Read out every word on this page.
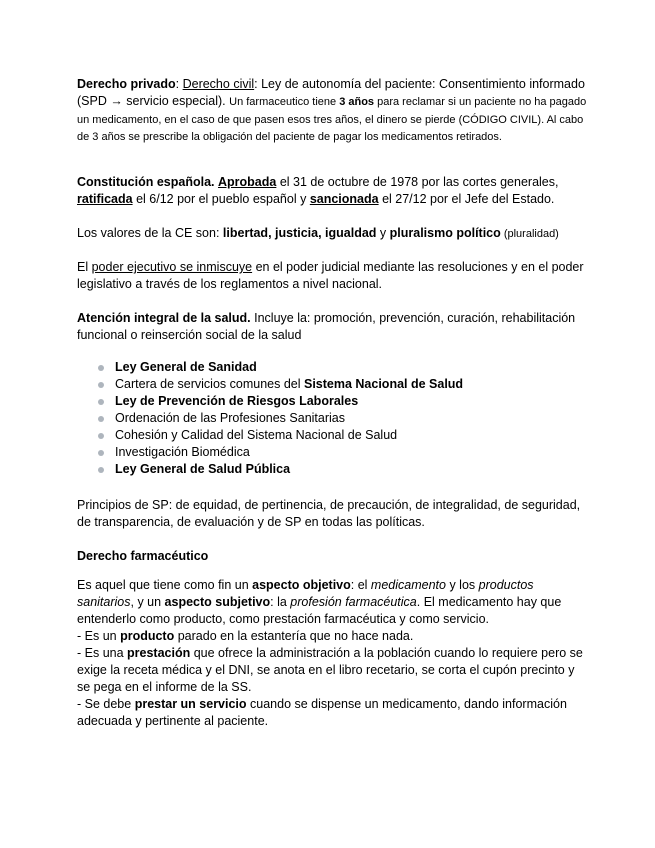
Derecho privado: Derecho civil: Ley de autonomía del paciente: Consentimiento informado (SPD → servicio especial). Un farmaceutico tiene 3 años para reclamar si un paciente no ha pagado un medicamento, en el caso de que pasen esos tres años, el dinero se pierde (CÓDIGO CIVIL). Al cabo de 3 años se prescribe la obligación del paciente de pagar los medicamentos retirados.
Constitución española. Aprobada el 31 de octubre de 1978 por las cortes generales, ratificada el 6/12 por el pueblo español y sancionada el 27/12 por el Jefe del Estado.
Los valores de la CE son: libertad, justicia, igualdad y pluralismo político (pluralidad)
El poder ejecutivo se inmiscuye en el poder judicial mediante las resoluciones y en el poder legislativo a través de los reglamentos a nivel nacional.
Atención integral de la salud. Incluye la: promoción, prevención, curación, rehabilitación funcional o reinserción social de la salud
Ley General de Sanidad
Cartera de servicios comunes del Sistema Nacional de Salud
Ley de Prevención de Riesgos Laborales
Ordenación de las Profesiones Sanitarias
Cohesión y Calidad del Sistema Nacional de Salud
Investigación Biomédica
Ley General de Salud Pública
Principios de SP: de equidad, de pertinencia, de precaución, de integralidad, de seguridad, de transparencia, de evaluación y de SP en todas las políticas.
Derecho farmacéutico
Es aquel que tiene como fin un aspecto objetivo: el medicamento y los productos sanitarios, y un aspecto subjetivo: la profesión farmacéutica. El medicamento hay que entenderlo como producto, como prestación farmacéutica y como servicio.
- Es un producto parado en la estantería que no hace nada.
- Es una prestación que ofrece la administración a la población cuando lo requiere pero se exige la receta médica y el DNI, se anota en el libro recetario, se corta el cupón precinto y se pega en el informe de la SS.
- Se debe prestar un servicio cuando se dispense un medicamento, dando información adecuada y pertinente al paciente.
